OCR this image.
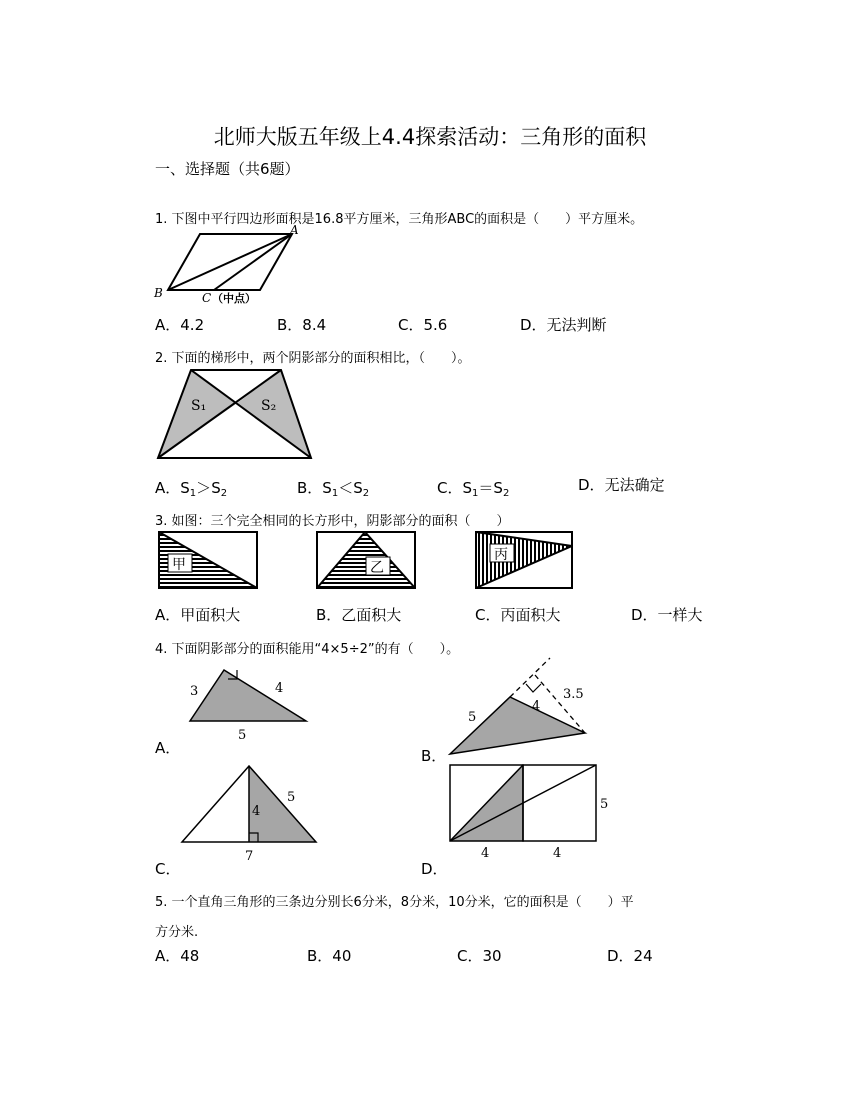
北师大版五年级上4.4探索活动：三角形的面积
一、选择题（共6题）
1. 下图中平行四边形面积是16.8平方厘米，三角形ABC的面积是（　　）平方厘米。
A
B	C （中点）
A．4.2	B．8.4	C．5.6	D．无法判断
2. 下面的梯形中，两个阴影部分的面积相比，（　　）。
S₁	S₂
A．$S_1>S_2$	B．$S_1<S_2$	C．$S_1=S_2$	D．无法确定
3. 如图：三个完全相同的长方形中，阴影部分的面积（　　）
甲	乙
丙
A．甲面积大	B．乙面积大	C．丙面积大	D．一样大
4. 下面阴影部分的面积能用“4×5÷2”的有（　　）。
3	4
5
A．
5
4
3.5
B．
4
5
7
C．
4	4
5
D．
5. 一个直角三角形的三条边分别长6分米，8分米，10分米，它的面积是（　　）平
方分米.
A．48	B．40	C．30	D．24
